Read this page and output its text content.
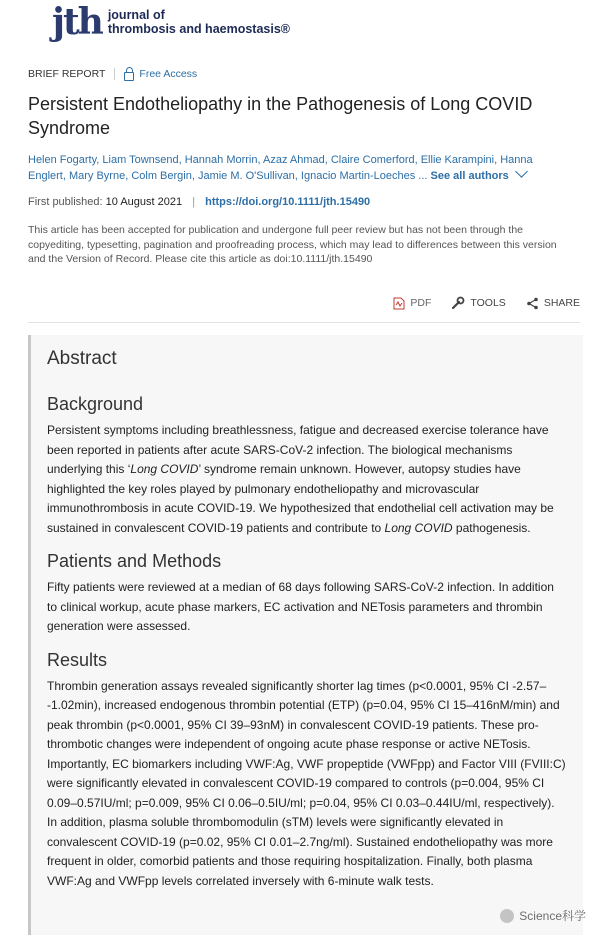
jth journal of
thrombosis and haemostasis®
BRIEF REPORT	Free Access
Persistent Endotheliopathy in the Pathogenesis of Long COVID Syndrome
Helen Fogarty, Liam Townsend, Hannah Morrin, Azaz Ahmad, Claire Comerford, Ellie Karampini, Hanna Englert, Mary Byrne, Colm Bergin, Jamie M. O'Sullivan, Ignacio Martin-Loeches ... See all authors
First published: 10 August 2021 | https://doi.org/10.1111/jth.15490
This article has been accepted for publication and undergone full peer review but has not been through the copyediting, typesetting, pagination and proofreading process, which may lead to differences between this version and the Version of Record. Please cite this article as doi:10.1111/jth.15490
PDF	TOOLS	SHARE
Abstract
Background
Persistent symptoms including breathlessness, fatigue and decreased exercise tolerance have been reported in patients after acute SARS-CoV-2 infection. The biological mechanisms underlying this ‘Long COVID’ syndrome remain unknown. However, autopsy studies have highlighted the key roles played by pulmonary endotheliopathy and microvascular immunothrombosis in acute COVID-19. We hypothesized that endothelial cell activation may be sustained in convalescent COVID-19 patients and contribute to Long COVID pathogenesis.
Patients and Methods
Fifty patients were reviewed at a median of 68 days following SARS-CoV-2 infection. In addition to clinical workup, acute phase markers, EC activation and NETosis parameters and thrombin generation were assessed.
Results
Thrombin generation assays revealed significantly shorter lag times (p<0.0001, 95% CI -2.57– -1.02min), increased endogenous thrombin potential (ETP) (p=0.04, 95% CI 15–416nM/min) and peak thrombin (p<0.0001, 95% CI 39–93nM) in convalescent COVID-19 patients. These pro-thrombotic changes were independent of ongoing acute phase response or active NETosis. Importantly, EC biomarkers including VWF:Ag, VWF propeptide (VWFpp) and Factor VIII (FVIII:C) were significantly elevated in convalescent COVID-19 compared to controls (p=0.004, 95% CI 0.09–0.57IU/ml; p=0.009, 95% CI 0.06–0.5IU/ml; p=0.04, 95% CI 0.03–0.44IU/ml, respectively). In addition, plasma soluble thrombomodulin (sTM) levels were significantly elevated in convalescent COVID-19 (p=0.02, 95% CI 0.01–2.7ng/ml). Sustained endotheliopathy was more frequent in older, comorbid patients and those requiring hospitalization. Finally, both plasma VWF:Ag and VWFpp levels correlated inversely with 6-minute walk tests.
Science科学
